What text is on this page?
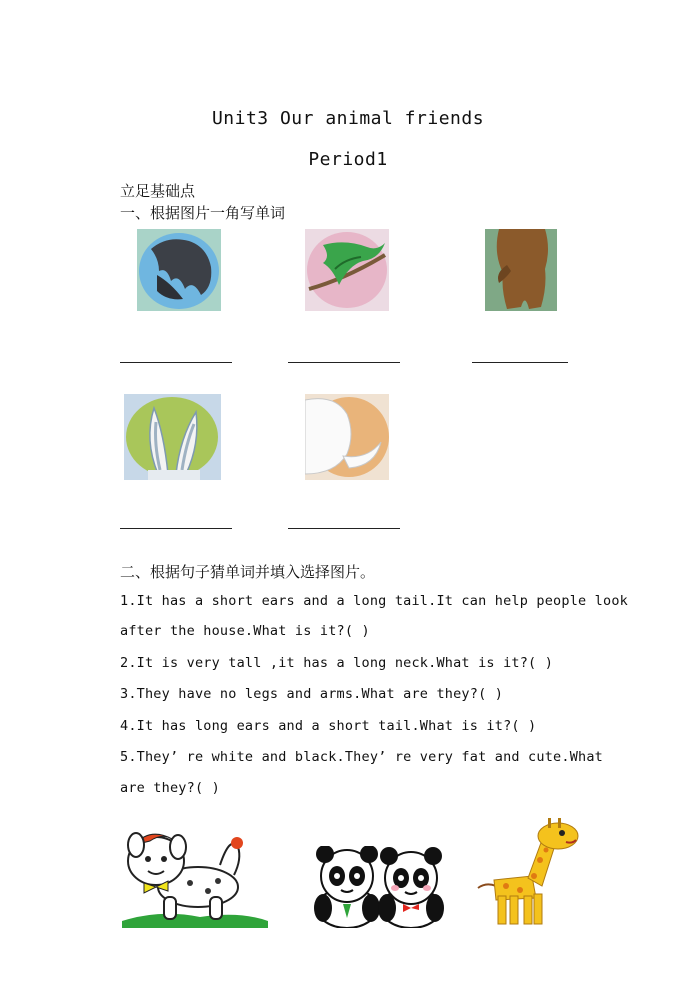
Unit3 Our animal friends
Period1
立足基础点
一、根据图片一角写单词
二、根据句子猜单词并填入选择图片。
1.It has a short ears and a long tail.It can help people look
after the house.What is it?( )
2.It is very tall ,it has a long neck.What is it?( )
3.They have no legs and arms.What are they?( )
4.It has long ears and a short tail.What is it?( )
5.They’ re white and black.They’ re very fat and cute.What
are they?( )
